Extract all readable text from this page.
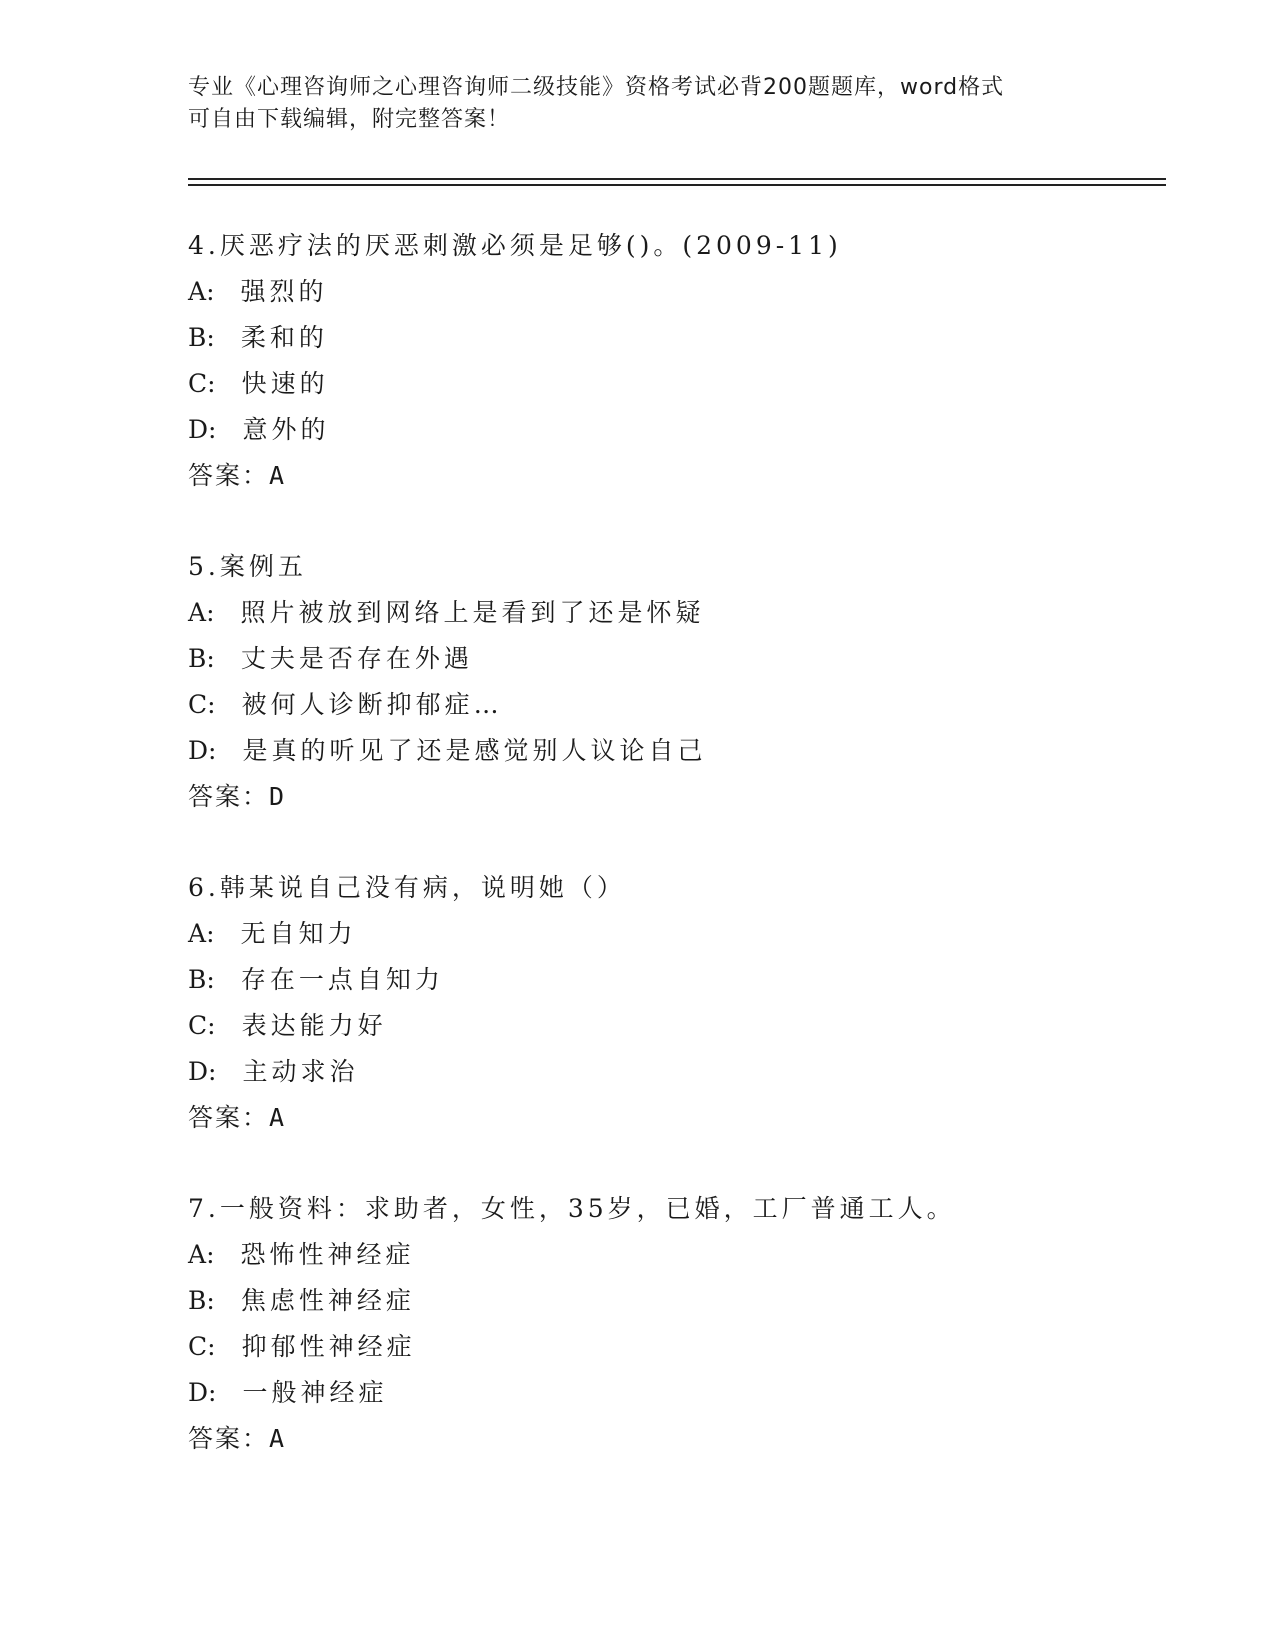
专业《心理咨询师之心理咨询师二级技能》资格考试必背200题题库，word格式
可自由下载编辑，附完整答案！
4.厌恶疗法的厌恶刺激必须是足够()。(2009-11)
A: 强烈的
B: 柔和的
C: 快速的
D: 意外的
答案：A
5.案例五
A: 照片被放到网络上是看到了还是怀疑
B: 丈夫是否存在外遇
C: 被何人诊断抑郁症…
D: 是真的听见了还是感觉别人议论自己
答案：D
6.韩某说自己没有病，说明她（）
A: 无自知力
B: 存在一点自知力
C: 表达能力好
D: 主动求治
答案：A
7.一般资料：求助者，女性，35岁，已婚，工厂普通工人。
A: 恐怖性神经症
B: 焦虑性神经症
C: 抑郁性神经症
D: 一般神经症
答案：A
